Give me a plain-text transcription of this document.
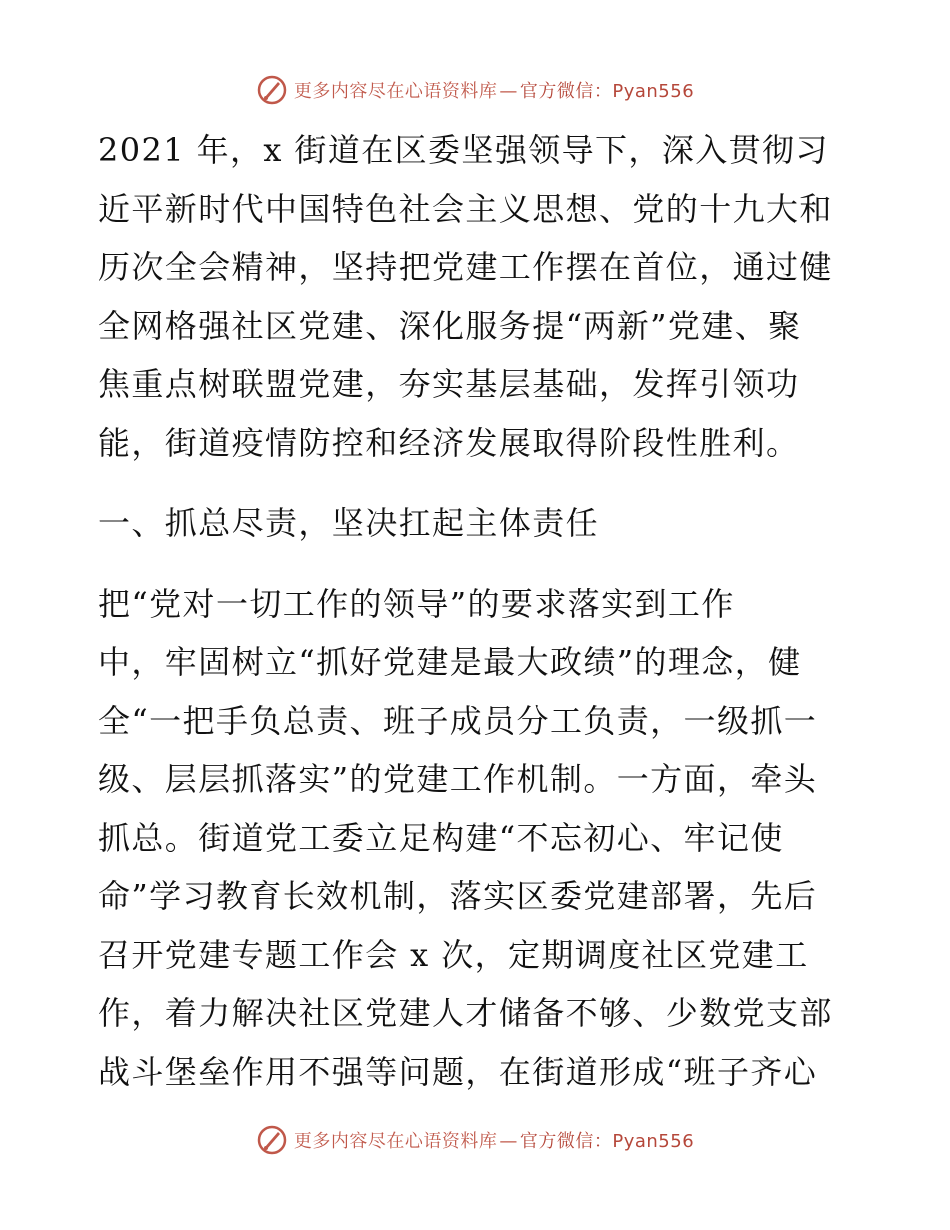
更多内容尽在心语资料库 — 官方微信：Pyan556

2021 年，x 街道在区委坚强领导下，深入贯彻习
近平新时代中国特色社会主义思想、党的十九大和
历次全会精神，坚持把党建工作摆在首位，通过健
全网格强社区党建、深化服务提“两新”党建、聚
焦重点树联盟党建，夯实基层基础，发挥引领功
能，街道疫情防控和经济发展取得阶段性胜利。

一、抓总尽责，坚决扛起主体责任

把“党对一切工作的领导”的要求落实到工作
中，牢固树立“抓好党建是最大政绩”的理念，健
全“一把手负总责、班子成员分工负责，一级抓一
级、层层抓落实”的党建工作机制。一方面，牵头
抓总。街道党工委立足构建“不忘初心、牢记使
命”学习教育长效机制，落实区委党建部署，先后
召开党建专题工作会 x 次，定期调度社区党建工
作，着力解决社区党建人才储备不够、少数党支部
战斗堡垒作用不强等问题，在街道形成“班子齐心

更多内容尽在心语资料库 — 官方微信：Pyan556
